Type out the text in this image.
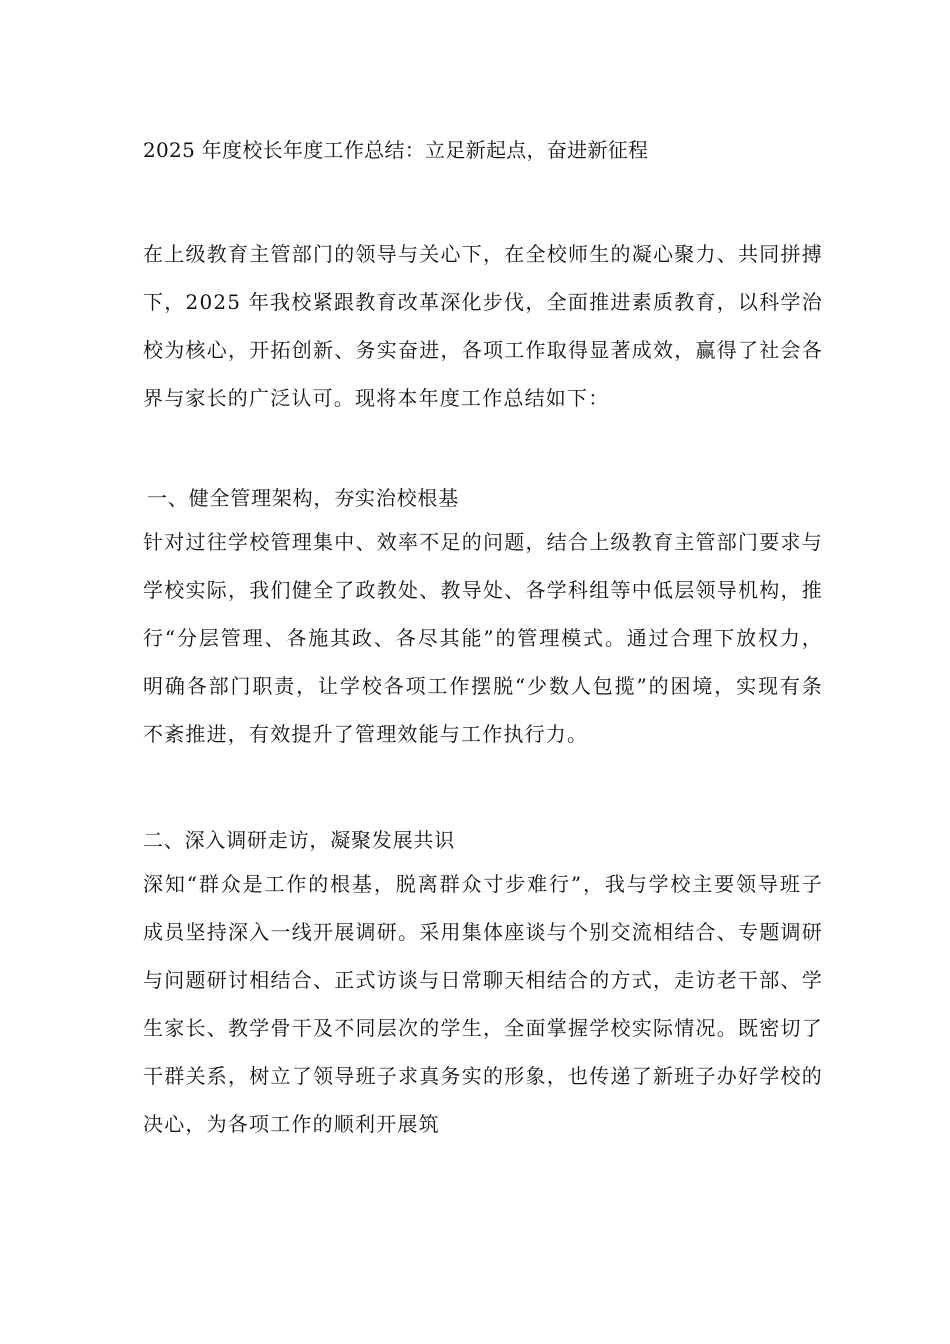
2025 年度校长年度工作总结：立足新起点，奋进新征程

在上级教育主管部门的领导与关心下，在全校师生的凝心聚力、共同拼搏下，2025 年我校紧跟教育改革深化步伐，全面推进素质教育，以科学治校为核心，开拓创新、务实奋进，各项工作取得显著成效，赢得了社会各界与家长的广泛认可。现将本年度工作总结如下：

一、健全管理架构，夯实治校根基

针对过往学校管理集中、效率不足的问题，结合上级教育主管部门要求与学校实际，我们健全了政教处、教导处、各学科组等中低层领导机构，推行“分层管理、各施其政、各尽其能”的管理模式。通过合理下放权力，明确各部门职责，让学校各项工作摆脱“少数人包揽”的困境，实现有条不紊推进，有效提升了管理效能与工作执行力。

二、深入调研走访，凝聚发展共识

深知“群众是工作的根基，脱离群众寸步难行”，我与学校主要领导班子成员坚持深入一线开展调研。采用集体座谈与个别交流相结合、专题调研与问题研讨相结合、正式访谈与日常聊天相结合的方式，走访老干部、学生家长、教学骨干及不同层次的学生，全面掌握学校实际情况。既密切了干群关系，树立了领导班子求真务实的形象，也传递了新班子办好学校的决心，为各项工作的顺利开展筑
